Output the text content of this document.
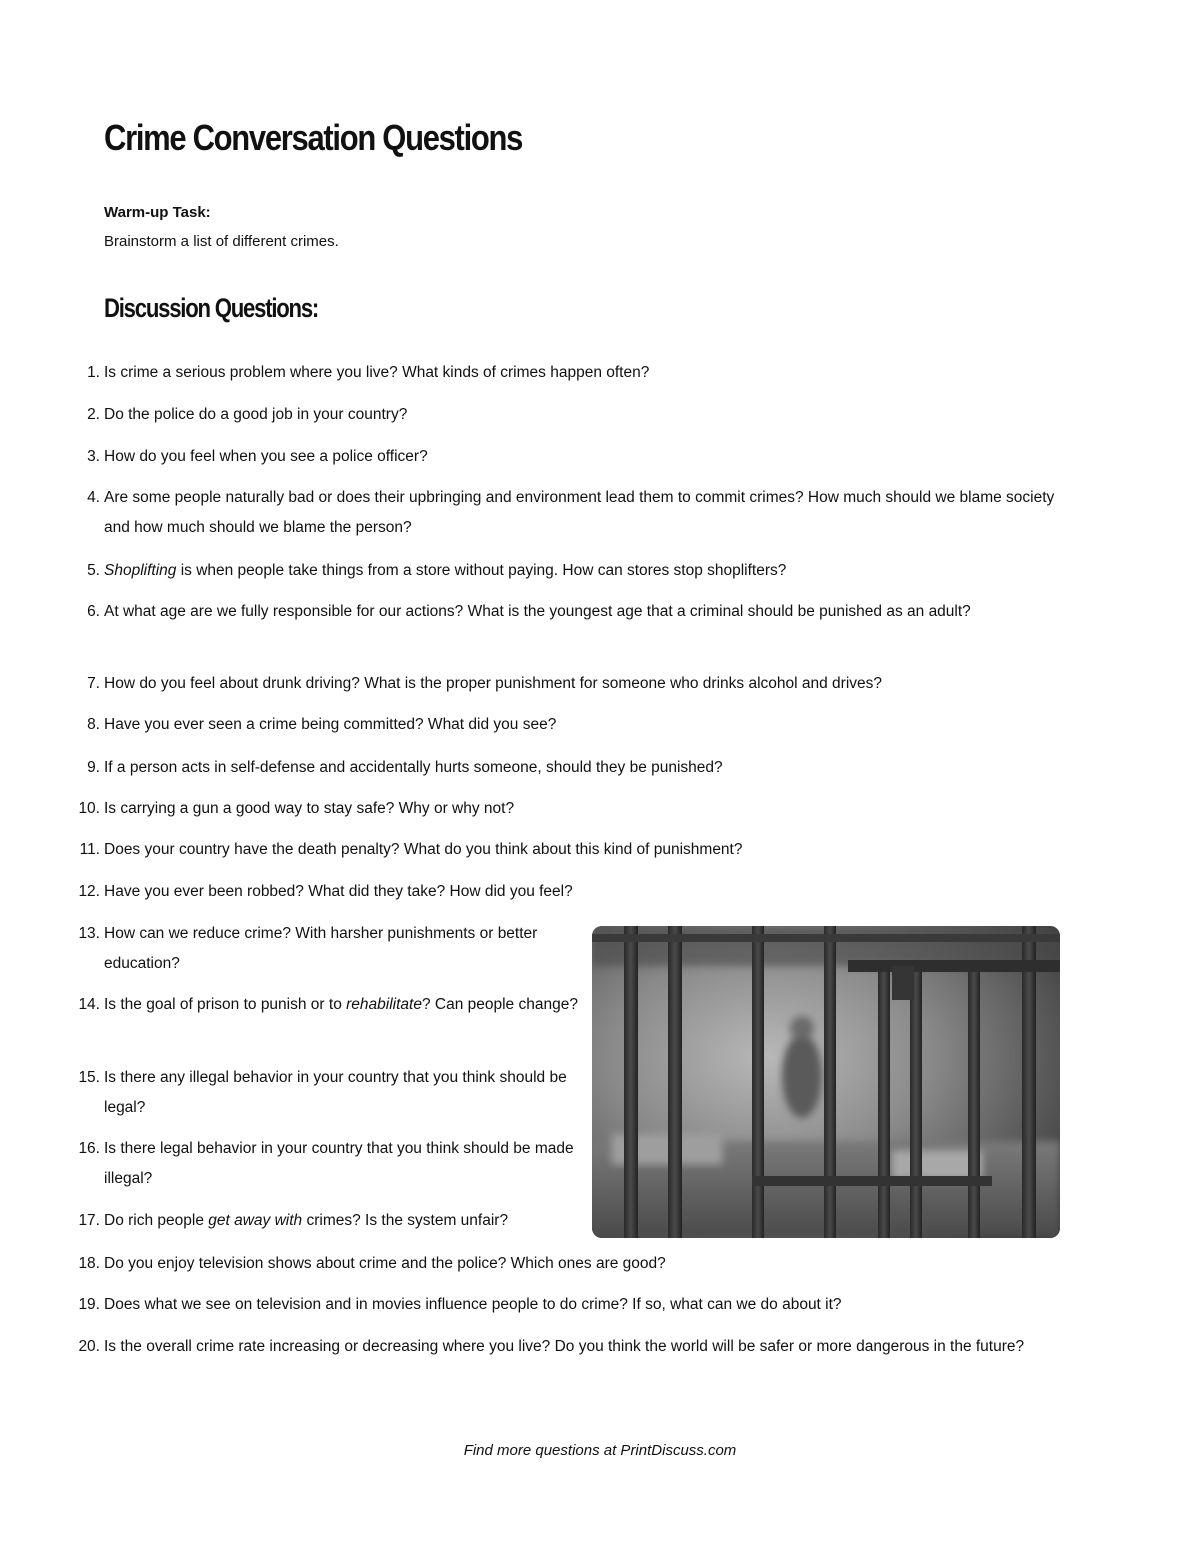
Crime Conversation Questions
Warm-up Task:
Brainstorm a list of different crimes.
Discussion Questions:
1. Is crime a serious problem where you live? What kinds of crimes happen often?
2. Do the police do a good job in your country?
3. How do you feel when you see a police officer?
4. Are some people naturally bad or does their upbringing and environment lead them to commit crimes? How much should we blame society and how much should we blame the person?
5. Shoplifting is when people take things from a store without paying. How can stores stop shoplifters?
6. At what age are we fully responsible for our actions? What is the youngest age that a criminal should be punished as an adult?
7. How do you feel about drunk driving? What is the proper punishment for someone who drinks alcohol and drives?
8. Have you ever seen a crime being committed? What did you see?
9. If a person acts in self-defense and accidentally hurts someone, should they be punished?
10. Is carrying a gun a good way to stay safe? Why or why not?
11. Does your country have the death penalty? What do you think about this kind of punishment?
12. Have you ever been robbed? What did they take? How did you feel?
13. How can we reduce crime? With harsher punishments or better education?
14. Is the goal of prison to punish or to rehabilitate? Can people change?
15. Is there any illegal behavior in your country that you think should be legal?
16. Is there legal behavior in your country that you think should be made illegal?
17. Do rich people get away with crimes? Is the system unfair?
18. Do you enjoy television shows about crime and the police? Which ones are good?
19. Does what we see on television and in movies influence people to do crime? If so, what can we do about it?
20. Is the overall crime rate increasing or decreasing where you live? Do you think the world will be safer or more dangerous in the future?
Find more questions at PrintDiscuss.com
